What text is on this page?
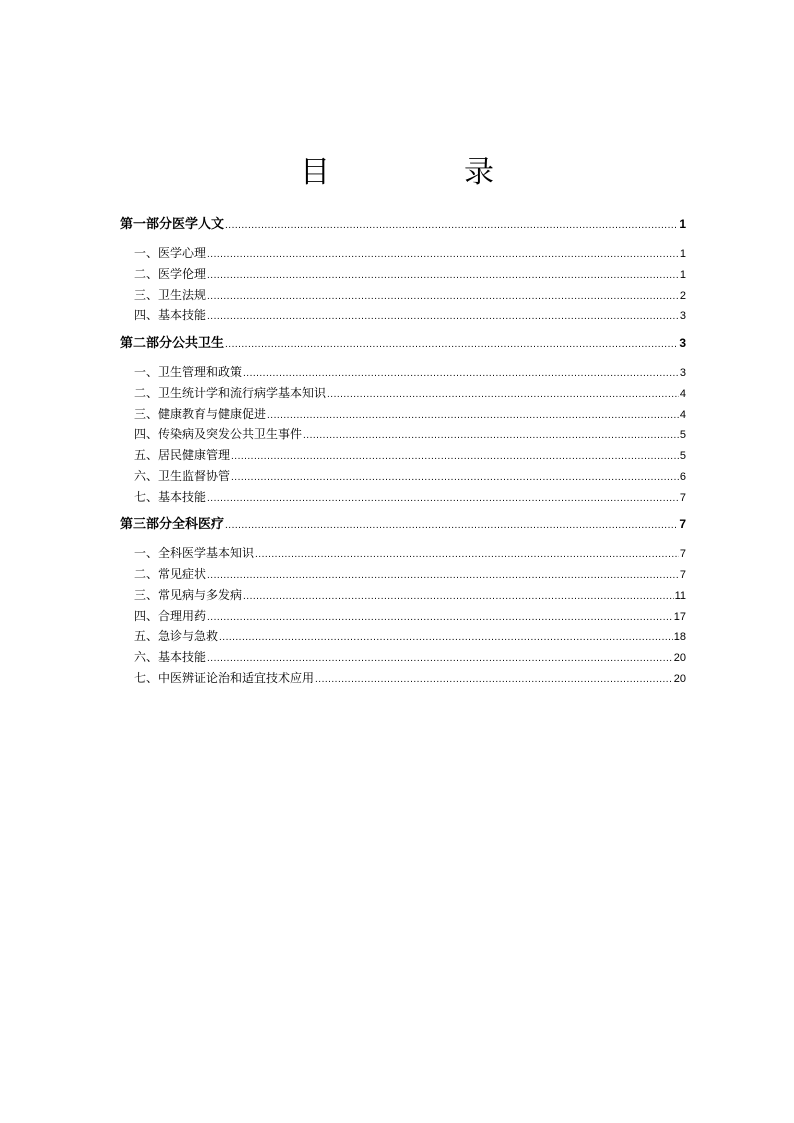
目　录
第一部分医学人文 .....	1
一、医学心理 .....	1
二、医学伦理 .....	1
三、卫生法规 .....	2
四、基本技能 .....	3
第二部分公共卫生 .....	3
一、卫生管理和政策 .....	3
二、卫生统计学和流行病学基本知识 .....	4
三、健康教育与健康促进 .....	4
四、传染病及突发公共卫生事件 .....	5
五、居民健康管理 .....	5
六、卫生监督协管 .....	6
七、基本技能 .....	7
第三部分全科医疗 .....	7
一、全科医学基本知识 .....	7
二、常见症状 .....	7
三、常见病与多发病 .....	11
四、合理用药 .....	17
五、急诊与急救 .....	18
六、基本技能 .....	20
七、中医辨证论治和适宜技术应用 .....	20
